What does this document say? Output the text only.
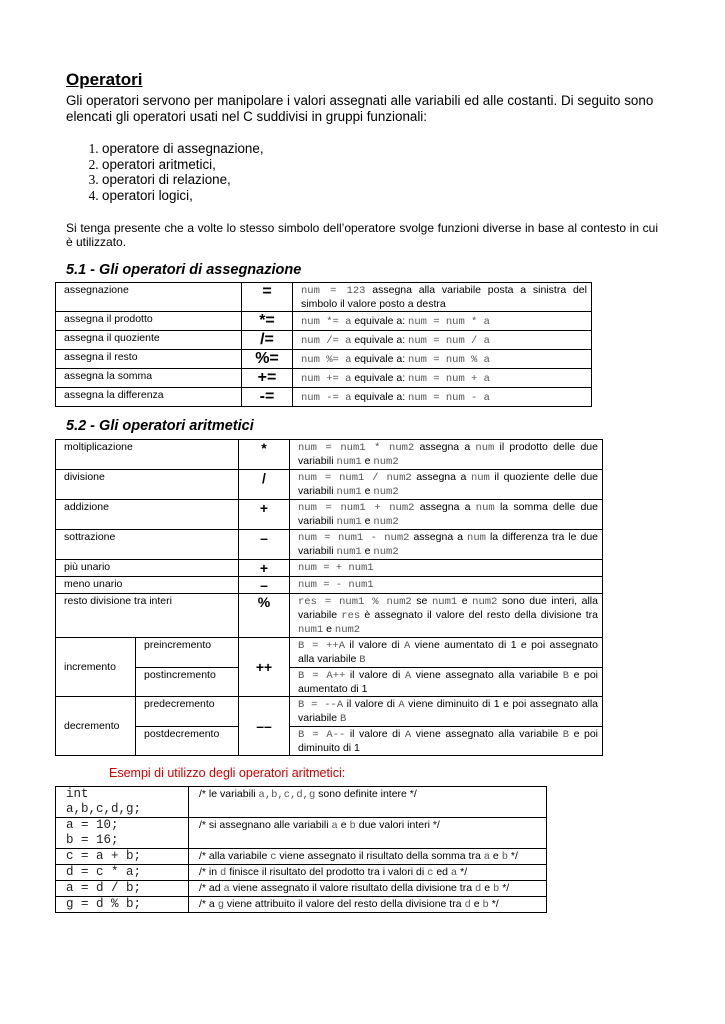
Operatori

Gli operatori servono per manipolare i valori assegnati alle variabili ed alle costanti. Di seguito sono elencati gli operatori usati nel C suddivisi in gruppi funzionali:

1. operatore di assegnazione,
2. operatori aritmetici,
3. operatori di relazione,
4. operatori logici,

Si tenga presente che a volte lo stesso simbolo dell’operatore svolge funzioni diverse in base al contesto in cui è utilizzato.

5.1 - Gli operatori di assegnazione
assegnazione	=	num = 123 assegna alla variabile posta a sinistra del simbolo il valore posto a destra
assegna il prodotto	*=	num *= a equivale a: num = num * a
assegna il quoziente	/=	num /= a equivale a: num = num / a
assegna il resto	%=	num %= a equivale a: num = num % a
assegna la somma	+=	num += a equivale a: num = num + a
assegna la differenza	-=	num -= a equivale a: num = num - a
5.2 - Gli operatori aritmetici
moltiplicazione		*	num = num1 * num2 assegna a num il prodotto delle due variabili num1 e num2
divisione		/	num = num1 / num2 assegna a num il quoziente delle due variabili num1 e num2
addizione		+	num = num1 + num2 assegna a num la somma delle due variabili num1 e num2
sottrazione		–	num = num1 - num2 assegna a num la differenza tra le due variabili num1 e num2
più unario		+	num = + num1
meno unario		–	num = - num1
resto divisione tra interi		%	res = num1 % num2 se num1 e num2 sono due interi, alla variabile res è assegnato il valore del resto della divisione tra num1 e num2
incremento	preincremento	++	B = ++A il valore di A viene aumentato di 1 e poi assegnato alla variabile B
	postincremento		B = A++ il valore di A viene assegnato alla variabile B e poi aumentato di 1
decremento	predecremento	––	B = --A il valore di A viene diminuito di 1 e poi assegnato alla variabile B
	postdecremento		B = A-- il valore di A viene assegnato alla variabile B e poi diminuito di 1
Esempi di utilizzo degli operatori aritmetici:
int
a,b,c,d,g;	/* le variabili a,b,c,d,g sono definite intere */
a = 10;
b = 16;	/* si assegnano alle variabili a e b due valori interi */
c = a + b;	/* alla variabile c viene assegnato il risultato della somma tra a e b */
d = c * a;	/* in d finisce il risultato del prodotto tra i valori di c ed a */
a = d / b;	/* ad a viene assegnato il valore risultato della divisione tra d e b */
g = d % b;	/* a g viene attribuito il valore del resto della divisione tra d e b */
